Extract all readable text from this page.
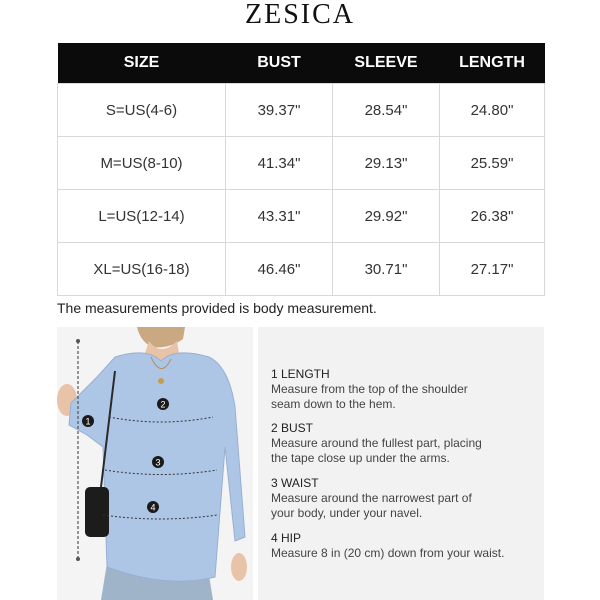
ZESICA
SIZE	BUST	SLEEVE	LENGTH
S=US(4-6)	39.37"	28.54"	24.80"
M=US(8-10)	41.34"	29.13"	25.59"
L=US(12-14)	43.31"	29.92"	26.38"
XL=US(16-18)	46.46"	30.71"	27.17"
The measurements provided is body measurement.
1
2
3
4

1 LENGTH

Measure from the top of the shoulder

seam down to the hem.

2 BUST

Measure around the fullest part, placing

the tape close up under the arms.

3 WAIST

Measure around the narrowest part of

your body, under your navel.

4 HIP

Measure 8 in (20 cm) down from your waist.
